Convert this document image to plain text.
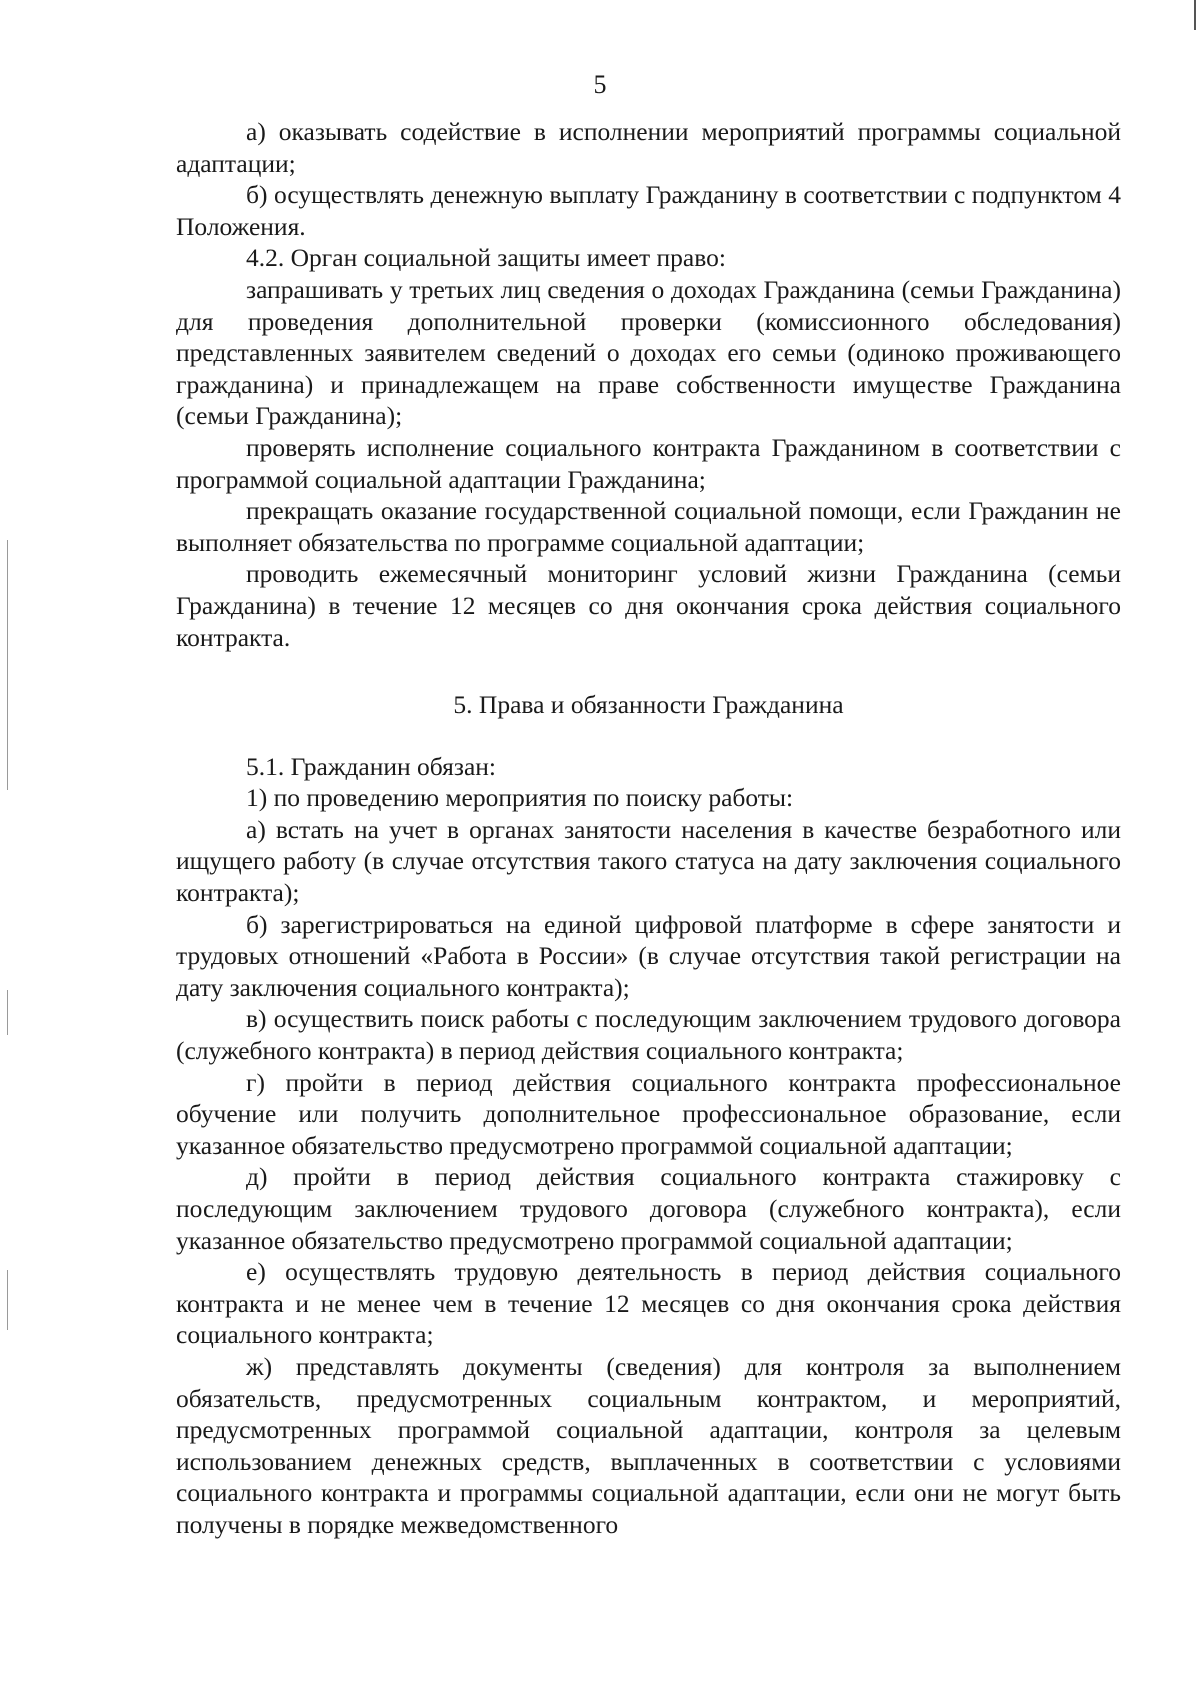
5

а) оказывать содействие в исполнении мероприятий программы социальной адаптации;

б) осуществлять денежную выплату Гражданину в соответствии с подпунктом 4 Положения.

4.2. Орган социальной защиты имеет право:

запрашивать у третьих лиц сведения о доходах Гражданина (семьи Гражданина) для проведения дополнительной проверки (комиссионного обследования) представленных заявителем сведений о доходах его семьи (одиноко проживающего гражданина) и принадлежащем на праве собственности имуществе Гражданина (семьи Гражданина);

проверять исполнение социального контракта Гражданином в соответствии с программой социальной адаптации Гражданина;

прекращать оказание государственной социальной помощи, если Гражданин не выполняет обязательства по программе социальной адаптации;

проводить ежемесячный мониторинг условий жизни Гражданина (семьи Гражданина) в течение 12 месяцев со дня окончания срока действия социального контракта.

5. Права и обязанности Гражданина

5.1. Гражданин обязан:

1) по проведению мероприятия по поиску работы:

а) встать на учет в органах занятости населения в качестве безработного или ищущего работу (в случае отсутствия такого статуса на дату заключения социального контракта);

б) зарегистрироваться на единой цифровой платформе в сфере занятости и трудовых отношений «Работа в России» (в случае отсутствия такой регистрации на дату заключения социального контракта);

в) осуществить поиск работы с последующим заключением трудового договора (служебного контракта) в период действия социального контракта;

г) пройти в период действия социального контракта профессиональное обучение или получить дополнительное профессиональное образование, если указанное обязательство предусмотрено программой социальной адаптации;

д) пройти в период действия социального контракта стажировку с последующим заключением трудового договора (служебного контракта), если указанное обязательство предусмотрено программой социальной адаптации;

е) осуществлять трудовую деятельность в период действия социального контракта и не менее чем в течение 12 месяцев со дня окончания срока действия социального контракта;

ж) представлять документы (сведения) для контроля за выполнением обязательств, предусмотренных социальным контрактом, и мероприятий, предусмотренных программой социальной адаптации, контроля за целевым использованием денежных средств, выплаченных в соответствии с условиями социального контракта и программы социальной адаптации, если они не могут быть получены в порядке межведомственного
